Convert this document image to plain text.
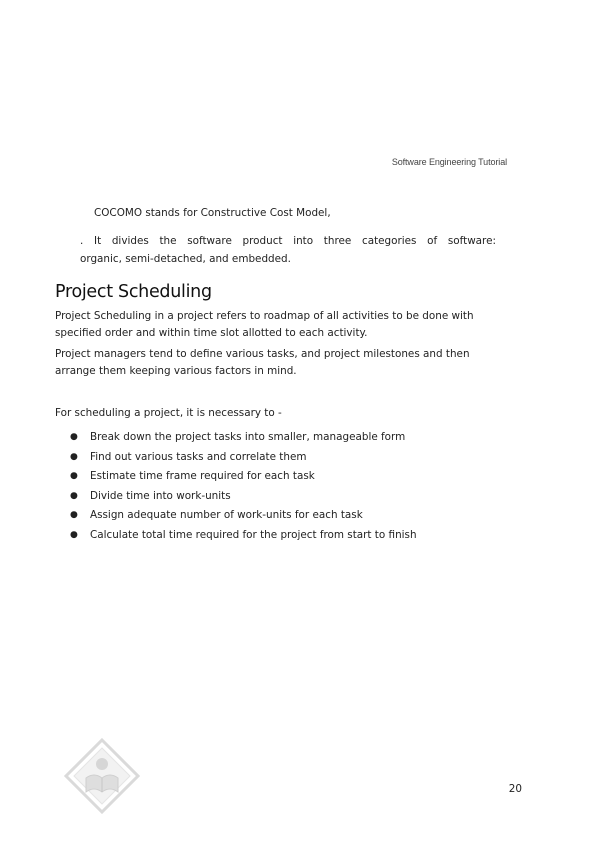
Software Engineering Tutorial
COCOMO stands for Constructive Cost Model,
. It divides the software product into three categories of software:
organic, semi-detached, and embedded.
Project Scheduling
Project Scheduling in a project refers to roadmap of all activities to be done with specified order and within time slot allotted to each activity.
Project managers tend to define various tasks, and project milestones and then arrange them keeping various factors in mind.
For scheduling a project, it is necessary to -
●	Break down the project tasks into smaller, manageable form
●	Find out various tasks and correlate them
●	Estimate time frame required for each task
●	Divide time into work-units
●	Assign adequate number of work-units for each task
●	Calculate total time required for the project from start to finish
20
